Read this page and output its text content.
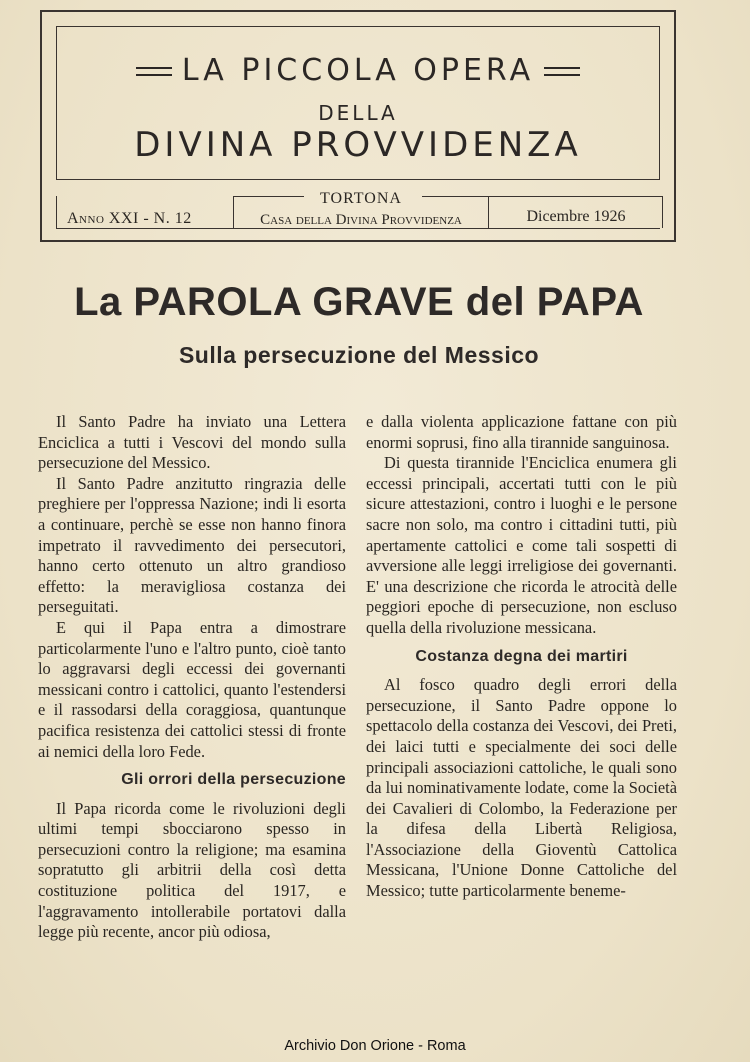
LA PICCOLA OPERA
DELLA
DIVINA PROVVIDENZA
Anno XXI - N. 12
TORTONA
Casa della Divina Provvidenza	Dicembre 1926
La PAROLA GRAVE del PAPA
Sulla persecuzione del Messico

Il Santo Padre ha inviato una Lettera Enciclica a tutti i Vescovi del mondo sulla persecuzione del Messico.

Il Santo Padre anzitutto ringrazia delle preghiere per l'oppressa Nazione; indi li esorta a continuare, perchè se esse non hanno finora impetrato il ravvedimento dei persecutori, hanno certo ottenuto un altro grandioso effetto: la meravigliosa costanza dei perseguitati.

E qui il Papa entra a dimostrare particolarmente l'uno e l'altro punto, cioè tanto lo aggravarsi degli eccessi dei governanti messicani contro i cattolici, quanto l'estendersi e il rassodarsi della coraggiosa, quantunque pacifica resistenza dei cattolici stessi di fronte ai nemici della loro Fede.

Gli orrori della persecuzione

Il Papa ricorda come le rivoluzioni degli ultimi tempi sbocciarono spesso in persecuzioni contro la religione; ma esamina sopratutto gli arbitrii della così detta costituzione politica del 1917, e l'aggravamento intollerabile portatovi dalla legge più recente, ancor più odiosa,

e dalla violenta applicazione fattane con più enormi soprusi, fino alla tirannide sanguinosa.

Di questa tirannide l'Enciclica enumera gli eccessi principali, accertati tutti con le più sicure attestazioni, contro i luoghi e le persone sacre non solo, ma contro i cittadini tutti, più apertamente cattolici e come tali sospetti di avversione alle leggi irreligiose dei governanti. E' una descrizione che ricorda le atrocità delle peggiori epoche di persecuzione, non escluso quella della rivoluzione messicana.

Costanza degna dei martiri

Al fosco quadro degli errori della persecuzione, il Santo Padre oppone lo spettacolo della costanza dei Vescovi, dei Preti, dei laici tutti e specialmente dei soci delle principali associazioni cattoliche, le quali sono da lui nominativamente lodate, come la Società dei Cavalieri di Colombo, la Federazione per la difesa della Libertà Religiosa, l'Associazione della Gioventù Cattolica Messicana, l'Unione Donne Cattoliche del Messico; tutte particolarmente beneme-

Archivio Don Orione - Roma
